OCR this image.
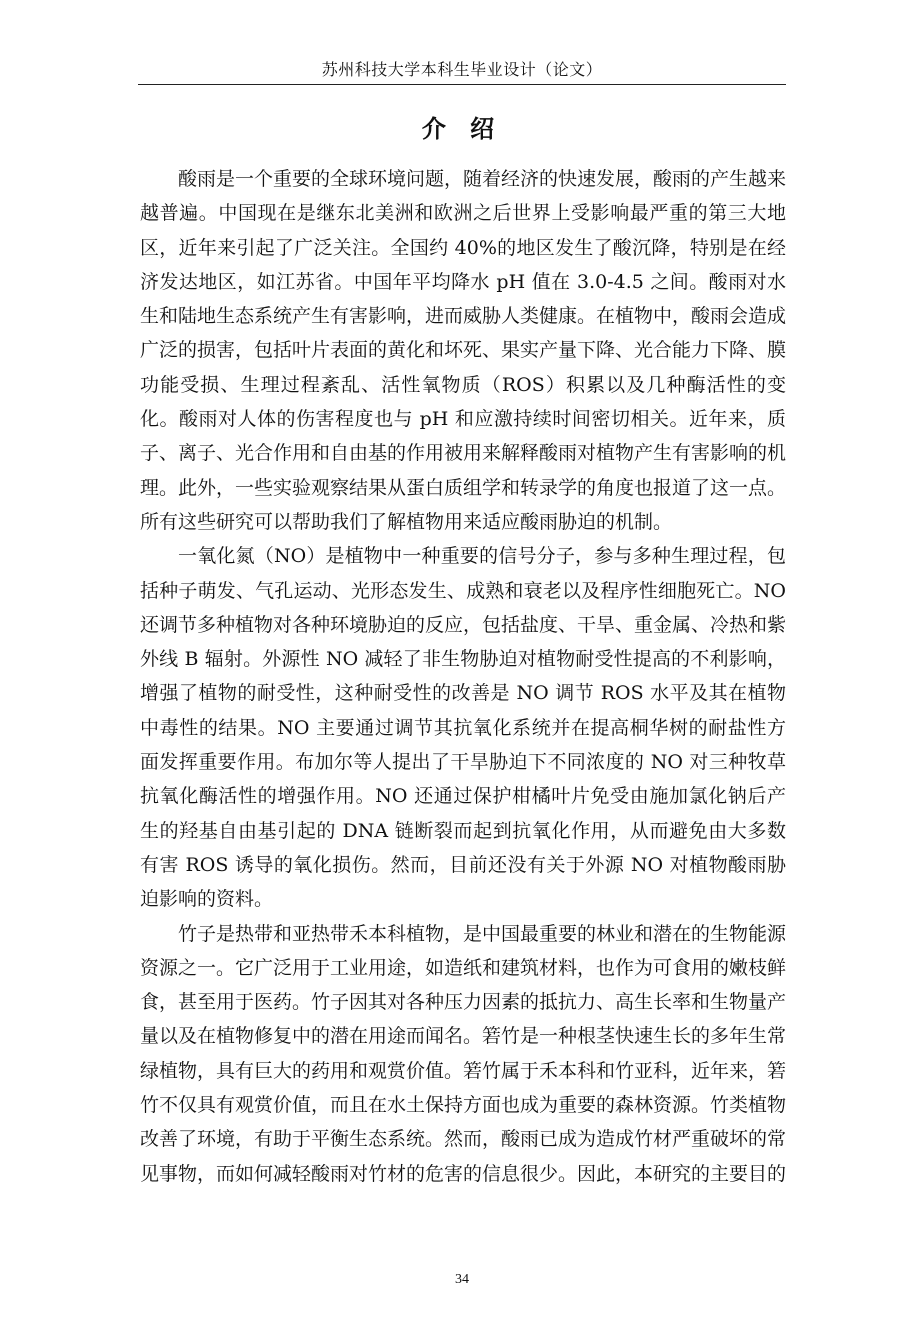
苏州科技大学本科生毕业设计（论文）
介 绍

酸雨是一个重要的全球环境问题，随着经济的快速发展，酸雨的产生越来越普遍。中国现在是继东北美洲和欧洲之后世界上受影响最严重的第三大地区，近年来引起了广泛关注。全国约 40%的地区发生了酸沉降，特别是在经济发达地区，如江苏省。中国年平均降水 pH 值在 3.0-4.5 之间。酸雨对水生和陆地生态系统产生有害影响，进而威胁人类健康。在植物中，酸雨会造成广泛的损害，包括叶片表面的黄化和坏死、果实产量下降、光合能力下降、膜功能受损、生理过程紊乱、活性氧物质（ROS）积累以及几种酶活性的变化。酸雨对人体的伤害程度也与 pH 和应激持续时间密切相关。近年来，质子、离子、光合作用和自由基的作用被用来解释酸雨对植物产生有害影响的机理。此外，一些实验观察结果从蛋白质组学和转录学的角度也报道了这一点。所有这些研究可以帮助我们了解植物用来适应酸雨胁迫的机制。

一氧化氮（NO）是植物中一种重要的信号分子，参与多种生理过程，包括种子萌发、气孔运动、光形态发生、成熟和衰老以及程序性细胞死亡。NO 还调节多种植物对各种环境胁迫的反应，包括盐度、干旱、重金属、冷热和紫外线 B 辐射。外源性 NO 减轻了非生物胁迫对植物耐受性提高的不利影响，增强了植物的耐受性，这种耐受性的改善是 NO 调节 ROS 水平及其在植物中毒性的结果。NO 主要通过调节其抗氧化系统并在提高桐华树的耐盐性方面发挥重要作用。布加尔等人提出了干旱胁迫下不同浓度的 NO 对三种牧草抗氧化酶活性的增强作用。NO 还通过保护柑橘叶片免受由施加氯化钠后产生的羟基自由基引起的 DNA 链断裂而起到抗氧化作用，从而避免由大多数有害 ROS 诱导的氧化损伤。然而，目前还没有关于外源 NO 对植物酸雨胁迫影响的资料。

竹子是热带和亚热带禾本科植物，是中国最重要的林业和潜在的生物能源资源之一。它广泛用于工业用途，如造纸和建筑材料，也作为可食用的嫩枝鲜食，甚至用于医药。竹子因其对各种压力因素的抵抗力、高生长率和生物量产量以及在植物修复中的潜在用途而闻名。箬竹是一种根茎快速生长的多年生常绿植物，具有巨大的药用和观赏价值。箬竹属于禾本科和竹亚科，近年来，箬竹不仅具有观赏价值，而且在水土保持方面也成为重要的森林资源。竹类植物改善了环境，有助于平衡生态系统。然而，酸雨已成为造成竹材严重破坏的常见事物，而如何减轻酸雨对竹材的危害的信息很少。因此，本研究的主要目的

34
